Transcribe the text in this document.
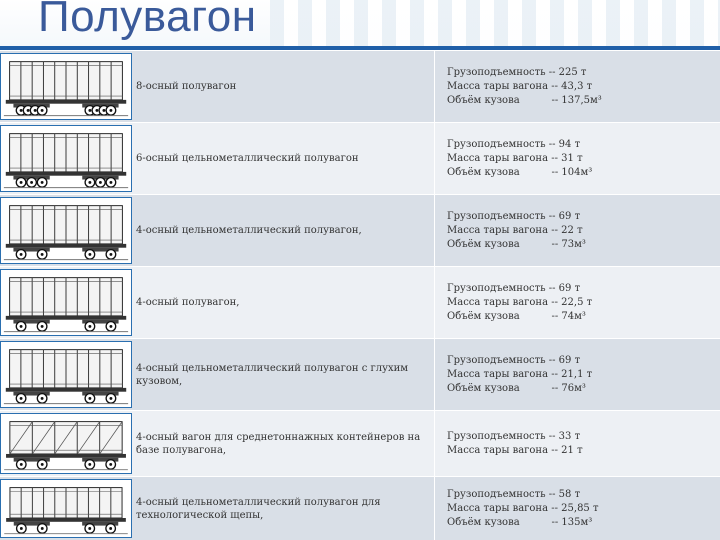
Полувагон
8-осный полувагон
Грузоподъемность -- 225 т
Масса тары вагона -- 43,3 т
Объём кузова          -- 137,5м³
6-осный цельнометаллический полувагон
Грузоподъемность -- 94 т
Масса тары вагона -- 31 т
Объём кузова          -- 104м³
4-осный цельнометаллический полувагон,
Грузоподъемность -- 69 т
Масса тары вагона -- 22 т
Объём кузова          -- 73м³
4-осный полувагон,
Грузоподъемность -- 69 т
Масса тары вагона -- 22,5 т
Объём кузова          -- 74м³
4-осный цельнометаллический полувагон с глухим кузовом,
Грузоподъемность -- 69 т
Масса тары вагона -- 21,1 т
Объём кузова          -- 76м³
4-осный вагон для среднетоннажных контейнеров на базе полувагона,
Грузоподъемность -- 33 т
Масса тары вагона -- 21 т
4-осный цельнометаллический полувагон для технологической щепы,
Грузоподъемность -- 58 т
Масса тары вагона -- 25,85 т
Объём кузова          -- 135м³
